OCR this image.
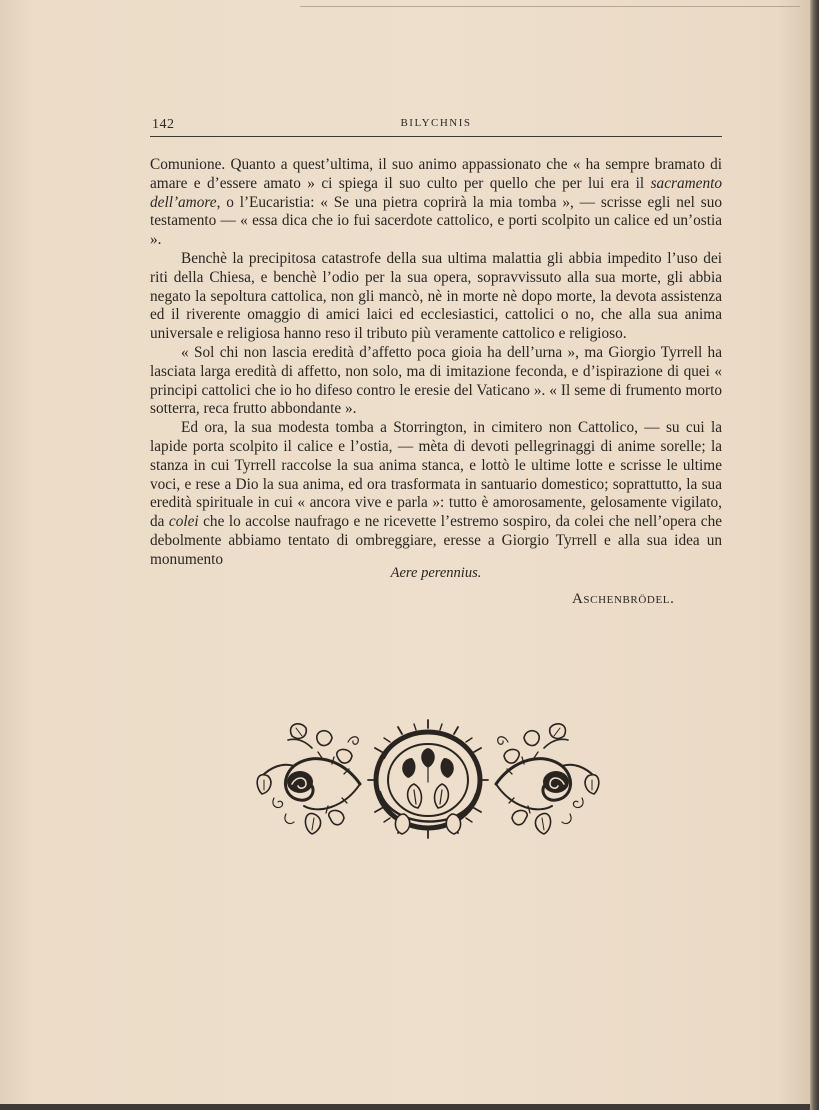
142	BILYCHNIS

Comunione. Quanto a quest’ultima, il suo animo appassionato che « ha sempre bramato di amare e d’essere amato » ci spiega il suo culto per quello che per lui era il sacramento dell’amore, o l’Eucaristia: « Se una pietra coprirà la mia tomba », — scrisse egli nel suo testamento — « essa dica che io fui sacerdote cattolico, e porti scolpito un calice ed un’ostia ».

Benchè la precipitosa catastrofe della sua ultima malattia gli abbia impedito l’uso dei riti della Chiesa, e benchè l’odio per la sua opera, sopravvissuto alla sua morte, gli abbia negato la sepoltura cattolica, non gli mancò, nè in morte nè dopo morte, la devota assistenza ed il riverente omaggio di amici laici ed ecclesiastici, cattolici o no, che alla sua anima universale e religiosa hanno reso il tributo più veramente cattolico e religioso.

« Sol chi non lascia eredità d’affetto poca gioia ha dell’urna », ma Giorgio Tyrrell ha lasciata larga eredità di affetto, non solo, ma di imitazione feconda, e d’ispirazione di quei « principi cattolici che io ho difeso contro le eresie del Vaticano ». « Il seme di frumento morto sotterra, reca frutto abbondante ».

Ed ora, la sua modesta tomba a Storrington, in cimitero non Cattolico, — su cui la lapide porta scolpito il calice e l’ostia, — mèta di devoti pellegrinaggi di anime sorelle; la stanza in cui Tyrrell raccolse la sua anima stanca, e lottò le ultime lotte e scrisse le ultime voci, e rese a Dio la sua anima, ed ora trasformata in santuario domestico; soprattutto, la sua eredità spirituale in cui « ancora vive e parla »: tutto è amorosamente, gelosamente vigilato, da colei che lo accolse naufrago e ne ricevette l’estremo sospiro, da colei che nell’opera che debolmente abbiamo tentato di ombreggiare, eresse a Giorgio Tyrrell e alla sua idea un monumento

Aere perennius.
Aschenbrödel.
